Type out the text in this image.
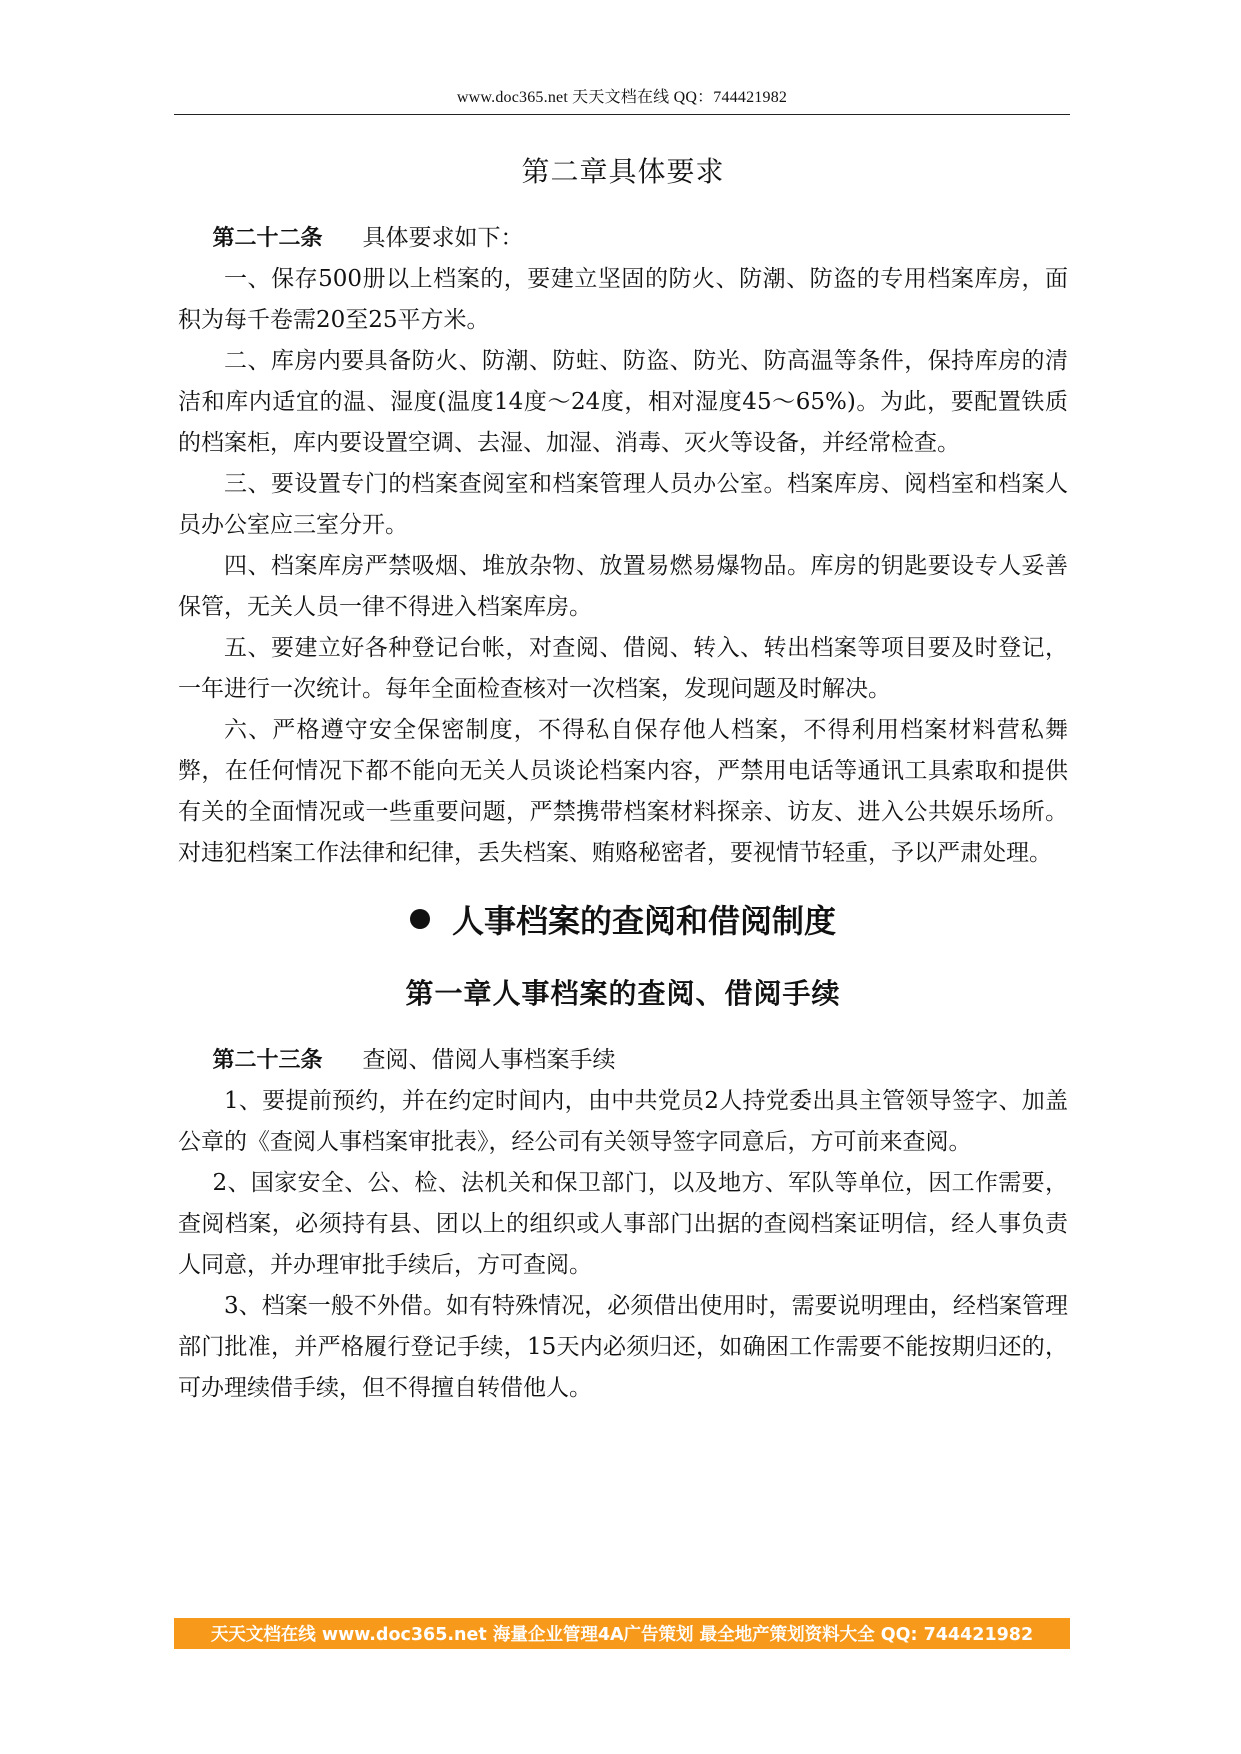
www.doc365.net 天天文档在线 QQ：744421982
第二章具体要求

第二十二条 具体要求如下：

一、保存500册以上档案的，要建立坚固的防火、防潮、防盗的专用档案库房，面积为每千卷需20至25平方米。

二、库房内要具备防火、防潮、防蛀、防盗、防光、防高温等条件，保持库房的清洁和库内适宜的温、湿度(温度14度～24度，相对湿度45～65%)。为此，要配置铁质的档案柜，库内要设置空调、去湿、加湿、消毒、灭火等设备，并经常检查。

三、要设置专门的档案查阅室和档案管理人员办公室。档案库房、阅档室和档案人员办公室应三室分开。

四、档案库房严禁吸烟、堆放杂物、放置易燃易爆物品。库房的钥匙要设专人妥善保管，无关人员一律不得进入档案库房。

五、要建立好各种登记台帐，对查阅、借阅、转入、转出档案等项目要及时登记，一年进行一次统计。每年全面检查核对一次档案，发现问题及时解决。

六、严格遵守安全保密制度，不得私自保存他人档案，不得利用档案材料营私舞弊，在任何情况下都不能向无关人员谈论档案内容，严禁用电话等通讯工具索取和提供有关的全面情况或一些重要问题，严禁携带档案材料探亲、访友、进入公共娱乐场所。对违犯档案工作法律和纪律，丢失档案、贿赂秘密者，要视情节轻重，予以严肃处理。

人事档案的查阅和借阅制度
第一章人事档案的查阅、借阅手续

第二十三条 查阅、借阅人事档案手续

1、要提前预约，并在约定时间内，由中共党员2人持党委出具主管领导签字、加盖公章的《查阅人事档案审批表》，经公司有关领导签字同意后，方可前来查阅。

2、国家安全、公、检、法机关和保卫部门，以及地方、军队等单位，因工作需要，查阅档案，必须持有县、团以上的组织或人事部门出据的查阅档案证明信，经人事负责人同意，并办理审批手续后，方可查阅。

3、档案一般不外借。如有特殊情况，必须借出使用时，需要说明理由，经档案管理部门批准，并严格履行登记手续，15天内必须归还，如确困工作需要不能按期归还的，可办理续借手续，但不得擅自转借他人。

天天文档在线 www.doc365.net 海量企业管理4A广告策划 最全地产策划资料大全 QQ: 744421982
